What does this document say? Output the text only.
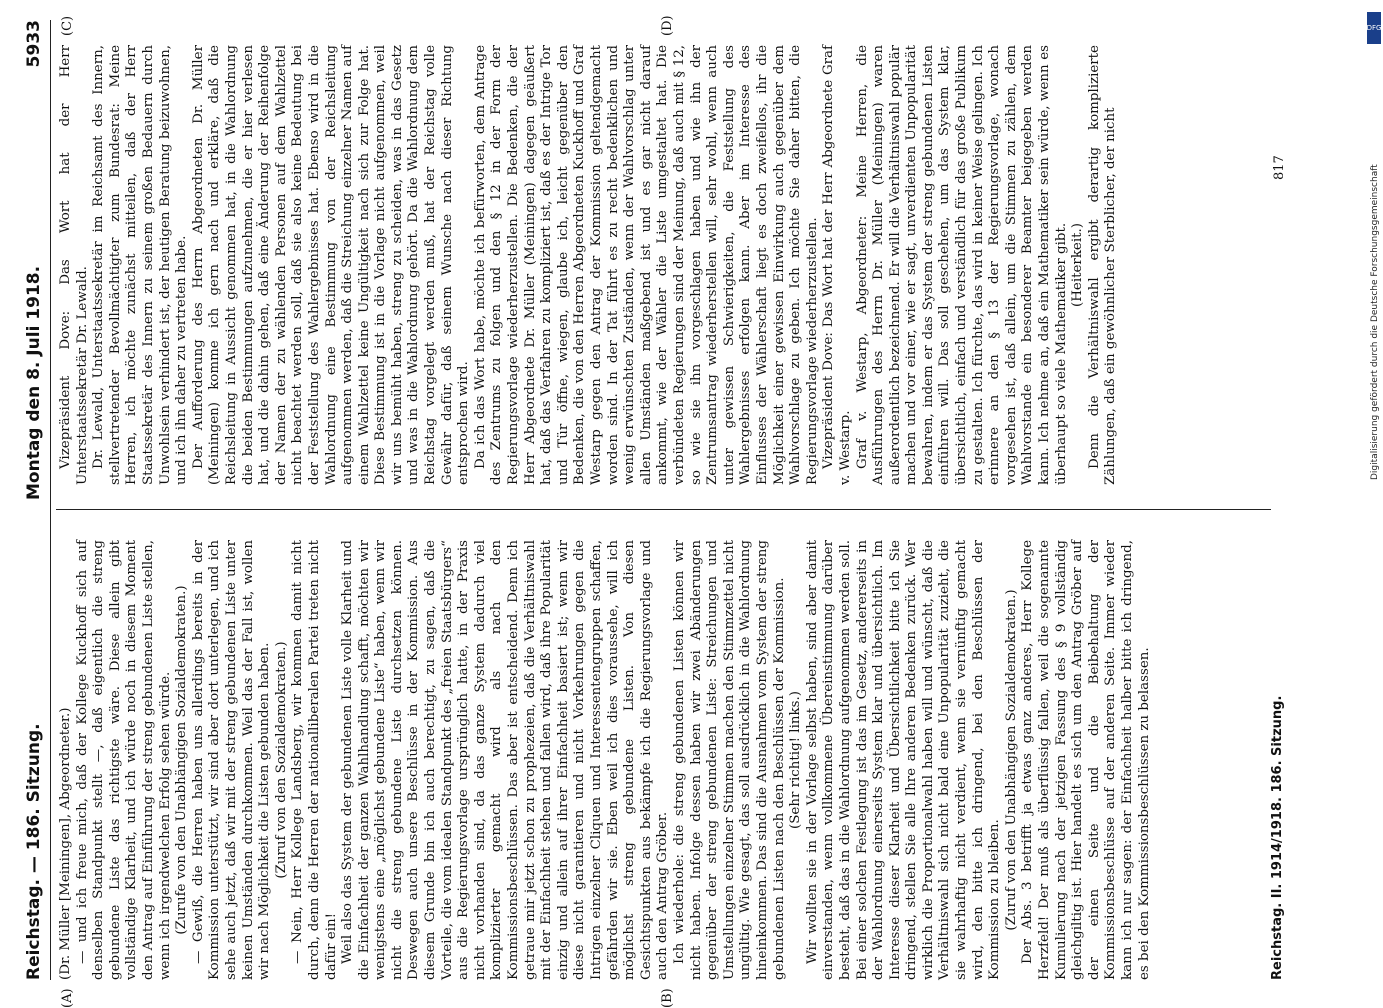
Reichstag. — 186. Sitzung.
Montag den 8. Juli 1918.
5933
(A)	(B)
(C)	(D)

(Dr. Müller [Meiningen], Abgeordneter.) — und ich freue mich, daß der Kollege Kuckhoff sich auf denselben Standpunkt stellt —, daß eigentlich die streng gebundene Liste das richtigste wäre. Diese allein gibt vollständige Klarheit, und ich würde noch in diesem Moment den Antrag auf Einführung der streng gebundenen Liste stellen, wenn ich irgendwelchen Erfolg sehen würde. (Zurufe von den Unabhängigen Sozialdemokraten.) — Gewiß, die Herren haben uns allerdings bereits in der Kommission unterstützt, wir sind aber dort unterlegen, und ich sehe auch jetzt, daß wir mit der streng gebundenen Liste unter keinen Umständen durchkommen. Weil das der Fall ist, wollen wir nach Möglichkeit die Listen gebunden haben. (Zuruf von den Sozialdemokraten.) — Nein, Herr Kollege Landsberg, wir kommen damit nicht durch, denn die Herren der nationalliberalen Partei treten nicht dafür ein! Weil also das System der gebundenen Liste volle Klarheit und die Einfachheit der ganzen Wahlhandlung schafft, möchten wir wenigstens eine „möglichst gebundene Liste“ haben, wenn wir nicht die streng gebundene Liste durchsetzen können. Deswegen auch unsere Beschlüsse in der Kommission. Aus diesem Grunde bin ich auch berechtigt, zu sagen, daß die Vorteile, die vom idealen Standpunkt des „freien Staatsbürgers“ aus die Regierungsvorlage ursprünglich hatte, in der Praxis nicht vorhanden sind, da das ganze System dadurch viel komplizierter gemacht wird als nach den Kommissionsbeschlüssen. Das aber ist entscheidend. Denn ich getraue mir jetzt schon zu prophezeien, daß die Verhältniswahl mit der Einfachheit stehen und fallen wird, daß ihre Popularität einzig und allein auf ihrer Einfachheit basiert ist; wenn wir diese nicht garantieren und nicht Vorkehrungen gegen die Intrigen einzelner Cliquen und Interessentengruppen schaffen, gefährden wir sie. Eben weil ich dies voraussehe, will ich möglichst streng gebundene Listen. Von diesen Gesichtspunkten aus bekämpfe ich die Regierungsvorlage und auch den Antrag Gröber. Ich wiederhole: die streng gebundenen Listen können wir nicht haben. Infolge dessen haben wir zwei Abänderungen gegenüber der streng gebundenen Liste: Streichungen und Umstellungen einzelner Stimmen machen den Stimmzettel nicht ungültig. Wie gesagt, das soll ausdrücklich in die Wahlordnung hineinkommen. Das sind die Ausnahmen vom System der streng gebundenen Listen nach den Beschlüssen der Kommission. (Sehr richtig! links.) Wir wollten sie in der Vorlage selbst haben, sind aber damit einverstanden, wenn vollkommene Übereinstimmung darüber besteht, daß das in die Wahlordnung aufgenommen werden soll. Bei einer solchen Festlegung ist das im Gesetz, andererseits in der Wahlordnung einerseits System klar und übersichtlich. Im Interesse dieser Klarheit und Übersichtlichkeit bitte ich Sie dringend, stellen Sie alle Ihre anderen Bedenken zurück. Wer wirklich die Proportionalwahl haben will und wünscht, daß die Verhältniswahl sich nicht bald eine Unpopularität zuzieht, die sie wahrhaftig nicht verdient, wenn sie vernünftig gemacht wird, den bitte ich dringend, bei den Beschlüssen der Kommission zu bleiben. (Zuruf von den Unabhängigen Sozialdemokraten.) Der Abs. 3 betrifft ja etwas ganz anderes, Herr Kollege Herzfeld! Der muß als überflüssig fallen, weil die sogenannte Kumulierung nach der jetzigen Fassung des § 9 vollständig gleichgiltig ist. Hier handelt es sich um den Antrag Gröber auf der einen Seite und die Beibehaltung der Kommissionsbeschlüsse auf der anderen Seite. Immer wieder kann ich nur sagen: der Einfachheit halber bitte ich dringend, es bei den Kommissionsbeschlüssen zu belassen.

Vizepräsident Dove: Das Wort hat der Herr Unterstaatssekretär Dr. Lewald. Dr. Lewald, Unterstaatssekretär im Reichsamt des Innern, stellvertretender Bevollmächtigter zum Bundesrat: Meine Herren, ich möchte zunächst mitteilen, daß der Herr Staatssekretär des Innern zu seinem großen Bedauern durch Unwohlsein verhindert ist, der heutigen Beratung beizuwohnen, und ich ihn daher zu vertreten habe. Der Aufforderung des Herrn Abgeordneten Dr. Müller (Meiningen) komme ich gern nach und erkläre, daß die Reichsleitung in Aussicht genommen hat, in die Wahlordnung die beiden Bestimmungen aufzunehmen, die er hier verlesen hat, und die dahin gehen, daß eine Änderung der Reihenfolge der Namen der zu wählenden Personen auf dem Wahlzettel nicht beachtet werden soll, daß sie also keine Bedeutung bei der Feststellung des Wahlergebnisses hat. Ebenso wird in die Wahlordnung eine Bestimmung von der Reichsleitung aufgenommen werden, daß die Streichung einzelner Namen auf einem Wahlzettel keine Ungültigkeit nach sich zur Folge hat. Diese Bestimmung ist in die Vorlage nicht aufgenommen, weil wir uns bemüht haben, streng zu scheiden, was in das Gesetz und was in die Wahlordnung gehört. Da die Wahlordnung dem Reichstag vorgelegt werden muß, hat der Reichstag volle Gewähr dafür, daß seinem Wunsche nach dieser Richtung entsprochen wird. Da ich das Wort habe, möchte ich befürworten, dem Antrage des Zentrums zu folgen und den § 12 in der Form der Regierungsvorlage wiederherzustellen. Die Bedenken, die der Herr Abgeordnete Dr. Müller (Meiningen) dagegen geäußert hat, daß das Verfahren zu kompliziert ist, daß es der Intrige Tor und Tür öffne, wiegen, glaube ich, leicht gegenüber den Bedenken, die von den Herren Abgeordneten Kuckhoff und Graf Westarp gegen den Antrag der Kommission geltendgemacht worden sind. In der Tat führt es zu recht bedenklichen und wenig erwünschten Zuständen, wenn der Wahlvorschlag unter allen Umständen maßgebend ist und es gar nicht darauf ankommt, wie der Wähler die Liste umgestaltet hat. Die verbündeten Regierungen sind der Meinung, daß auch mit § 12, so wie sie ihn vorgeschlagen haben und wie ihn der Zentrumsantrag wiederherstellen will, sehr wohl, wenn auch unter gewissen Schwierigkeiten, die Feststellung des Wahlergebnisses erfolgen kann. Aber im Interesse des Einflusses der Wählerschaft liegt es doch zweifellos, ihr die Möglichkeit einer gewissen Einwirkung auch gegenüber dem Wahlvorschlage zu geben. Ich möchte Sie daher bitten, die Regierungsvorlage wiederherzustellen. Vizepräsident Dove: Das Wort hat der Herr Abgeordnete Graf v. Westarp. Graf v. Westarp, Abgeordneter: Meine Herren, die Ausführungen des Herrn Dr. Müller (Meiningen) waren außerordentlich bezeichnend. Er will die Verhältniswahl populär machen und vor einer, wie er sagt, unverdienten Unpopularität bewahren, indem er das System der streng gebundenen Listen einführen will. Das soll geschehen, um das System klar, übersichtlich, einfach und verständlich für das große Publikum zu gestalten. Ich fürchte, das wird in keiner Weise gelingen. Ich erinnere an den § 13 der Regierungsvorlage, wonach vorgesehen ist, daß allein, um die Stimmen zu zählen, dem Wahlvorstande ein besonderer Beamter beigegeben werden kann. Ich nehme an, daß ein Mathematiker sein würde, wenn es überhaupt so viele Mathematiker gibt. (Heiterkeit.) Denn die Verhältniswahl ergibt derartig komplizierte Zählungen, daß ein gewöhnlicher Sterblicher, der nicht

Reichstag. II. 1914/1918. 186. Sitzung.
817
DFG
Digitalisierung gefördert durch die Deutsche Forschungsgemeinschaft
